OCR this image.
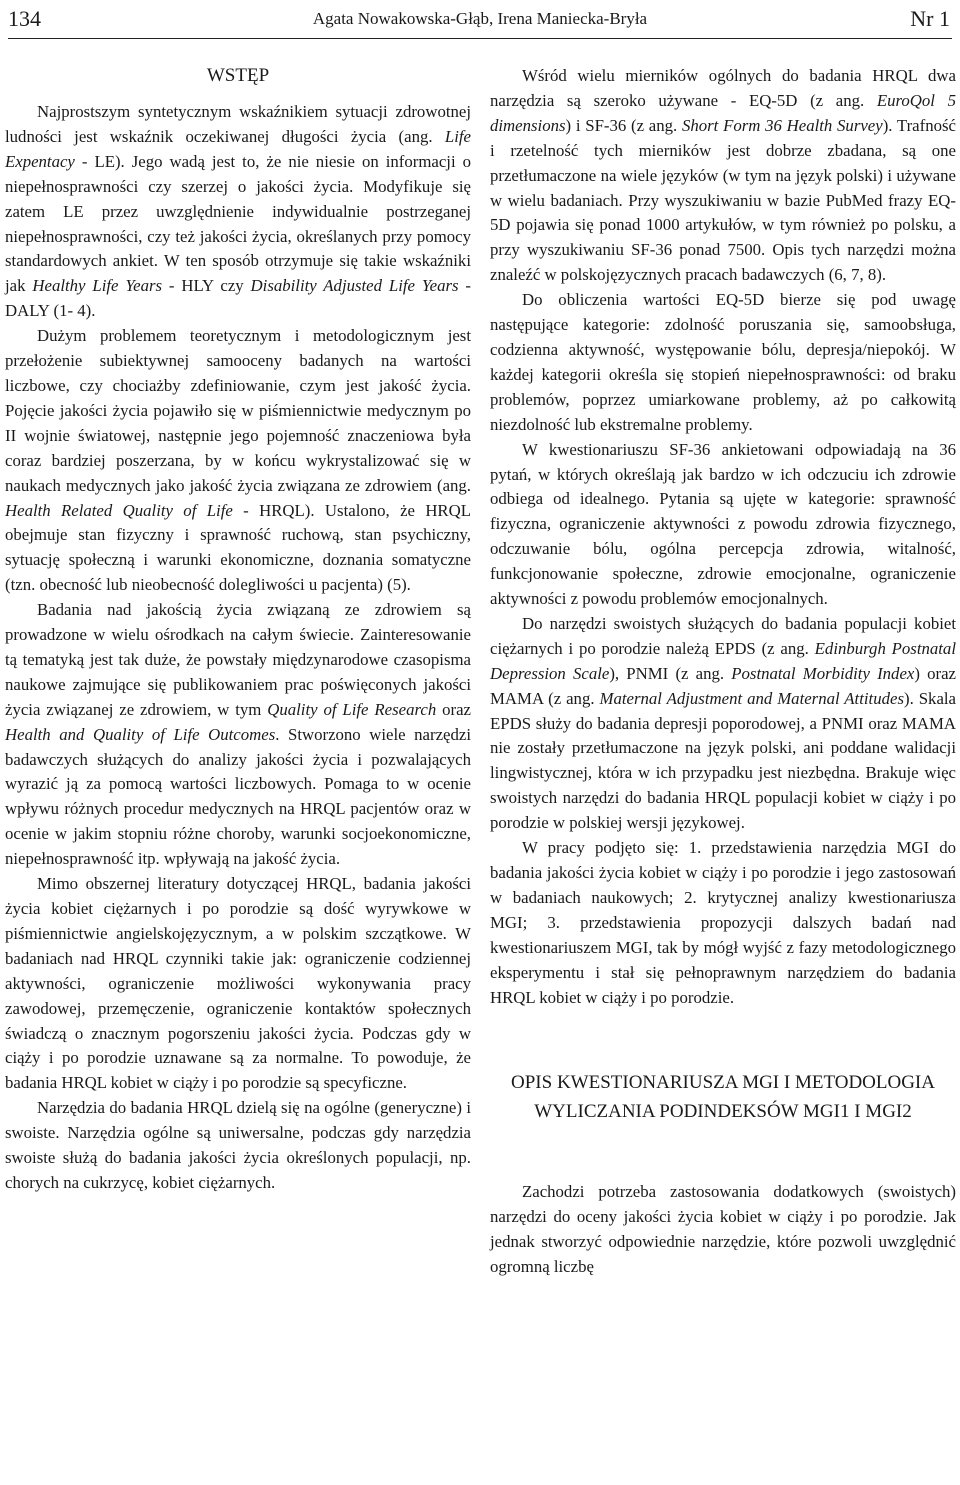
134	Agata Nowakowska-Głąb, Irena Maniecka-Bryła	Nr 1
WSTĘP

Najprostszym syntetycznym wskaźnikiem sytuacji zdrowotnej ludności jest wskaźnik oczekiwanej długości życia (ang. Life Expentacy - LE). Jego wadą jest to, że nie niesie on informacji o niepełnosprawności czy szerzej o jakości życia. Modyfikuje się zatem LE przez uwzględnienie indywidualnie postrzeganej niepełnosprawności, czy też jakości życia, określanych przy pomocy standardowych ankiet. W ten sposób otrzymuje się takie wskaźniki jak Healthy Life Years - HLY czy Disability Adjusted Life Years - DALY (1- 4).

Dużym problemem teoretycznym i metodologicznym jest przełożenie subiektywnej samooceny badanych na wartości liczbowe, czy chociażby zdefiniowanie, czym jest jakość życia. Pojęcie jakości życia pojawiło się w piśmiennictwie medycznym po II wojnie światowej, następnie jego pojemność znaczeniowa była coraz bardziej poszerzana, by w końcu wykrystalizować się w naukach medycznych jako jakość życia związana ze zdrowiem (ang. Health Related Quality of Life - HRQL). Ustalono, że HRQL obejmuje stan fizyczny i sprawność ruchową, stan psychiczny, sytuację społeczną i warunki ekonomiczne, doznania somatyczne (tzn. obecność lub nieobecność dolegliwości u pacjenta) (5).

Badania nad jakością życia związaną ze zdrowiem są prowadzone w wielu ośrodkach na całym świecie. Zainteresowanie tą tematyką jest tak duże, że powstały międzynarodowe czasopisma naukowe zajmujące się publikowaniem prac poświęconych jakości życia związanej ze zdrowiem, w tym Quality of Life Research oraz Health and Quality of Life Outcomes. Stworzono wiele narzędzi badawczych służących do analizy jakości życia i pozwalających wyrazić ją za pomocą wartości liczbowych. Pomaga to w ocenie wpływu różnych procedur medycznych na HRQL pacjentów oraz w ocenie w jakim stopniu różne choroby, warunki socjoekonomiczne, niepełnosprawność itp. wpływają na jakość życia.

Mimo obszernej literatury dotyczącej HRQL, badania jakości życia kobiet ciężarnych i po porodzie są dość wyrywkowe w piśmiennictwie angielskojęzycznym, a w polskim szczątkowe. W badaniach nad HRQL czynniki takie jak: ograniczenie codziennej aktywności, ograniczenie możliwości wykonywania pracy zawodowej, przemęczenie, ograniczenie kontaktów społecznych świadczą o znacznym pogorszeniu jakości życia. Podczas gdy w ciąży i po porodzie uznawane są za normalne. To powoduje, że badania HRQL kobiet w ciąży i po porodzie są specyficzne.

Narzędzia do badania HRQL dzielą się na ogólne (generyczne) i swoiste. Narzędzia ogólne są uniwersalne, podczas gdy narzędzia swoiste służą do badania jakości życia określonych populacji, np. chorych na cukrzycę, kobiet ciężarnych.

Wśród wielu mierników ogólnych do badania HRQL dwa narzędzia są szeroko używane - EQ-5D (z ang. EuroQol 5 dimensions) i SF-36 (z ang. Short Form 36 Health Survey). Trafność i rzetelność tych mierników jest dobrze zbadana, są one przetłumaczone na wiele języków (w tym na język polski) i używane w wielu badaniach. Przy wyszukiwaniu w bazie PubMed frazy EQ-5D pojawia się ponad 1000 artykułów, w tym również po polsku, a przy wyszukiwaniu SF-36 ponad 7500. Opis tych narzędzi można znaleźć w polskojęzycznych pracach badawczych (6, 7, 8).

Do obliczenia wartości EQ-5D bierze się pod uwagę następujące kategorie: zdolność poruszania się, samoobsługa, codzienna aktywność, występowanie bólu, depresja/niepokój. W każdej kategorii określa się stopień niepełnosprawności: od braku problemów, poprzez umiarkowane problemy, aż po całkowitą niezdolność lub ekstremalne problemy.

W kwestionariuszu SF-36 ankietowani odpowiadają na 36 pytań, w których określają jak bardzo w ich odczuciu ich zdrowie odbiega od idealnego. Pytania są ujęte w kategorie: sprawność fizyczna, ograniczenie aktywności z powodu zdrowia fizycznego, odczuwanie bólu, ogólna percepcja zdrowia, witalność, funkcjonowanie społeczne, zdrowie emocjonalne, ograniczenie aktywności z powodu problemów emocjonalnych.

Do narzędzi swoistych służących do badania populacji kobiet ciężarnych i po porodzie należą EPDS (z ang. Edinburgh Postnatal Depression Scale), PNMI (z ang. Postnatal Morbidity Index) oraz MAMA (z ang. Maternal Adjustment and Maternal Attitudes). Skala EPDS służy do badania depresji poporodowej, a PNMI oraz MAMA nie zostały przetłumaczone na język polski, ani poddane walidacji lingwistycznej, która w ich przypadku jest niezbędna. Brakuje więc swoistych narzędzi do badania HRQL populacji kobiet w ciąży i po porodzie w polskiej wersji językowej.

W pracy podjęto się: 1. przedstawienia narzędzia MGI do badania jakości życia kobiet w ciąży i po porodzie i jego zastosowań w badaniach naukowych; 2. krytycznej analizy kwestionariusza MGI; 3. przedstawienia propozycji dalszych badań nad kwestionariuszem MGI, tak by mógł wyjść z fazy metodologicznego eksperymentu i stał się pełnoprawnym narzędziem do badania HRQL kobiet w ciąży i po porodzie.

OPIS KWESTIONARIUSZA MGI I METODOLOGIA WYLICZANIA PODINDEKSÓW MGI1 I MGI2

Zachodzi potrzeba zastosowania dodatkowych (swoistych) narzędzi do oceny jakości życia kobiet w ciąży i po porodzie. Jak jednak stworzyć odpowiednie narzędzie, które pozwoli uwzględnić ogromną liczbę
